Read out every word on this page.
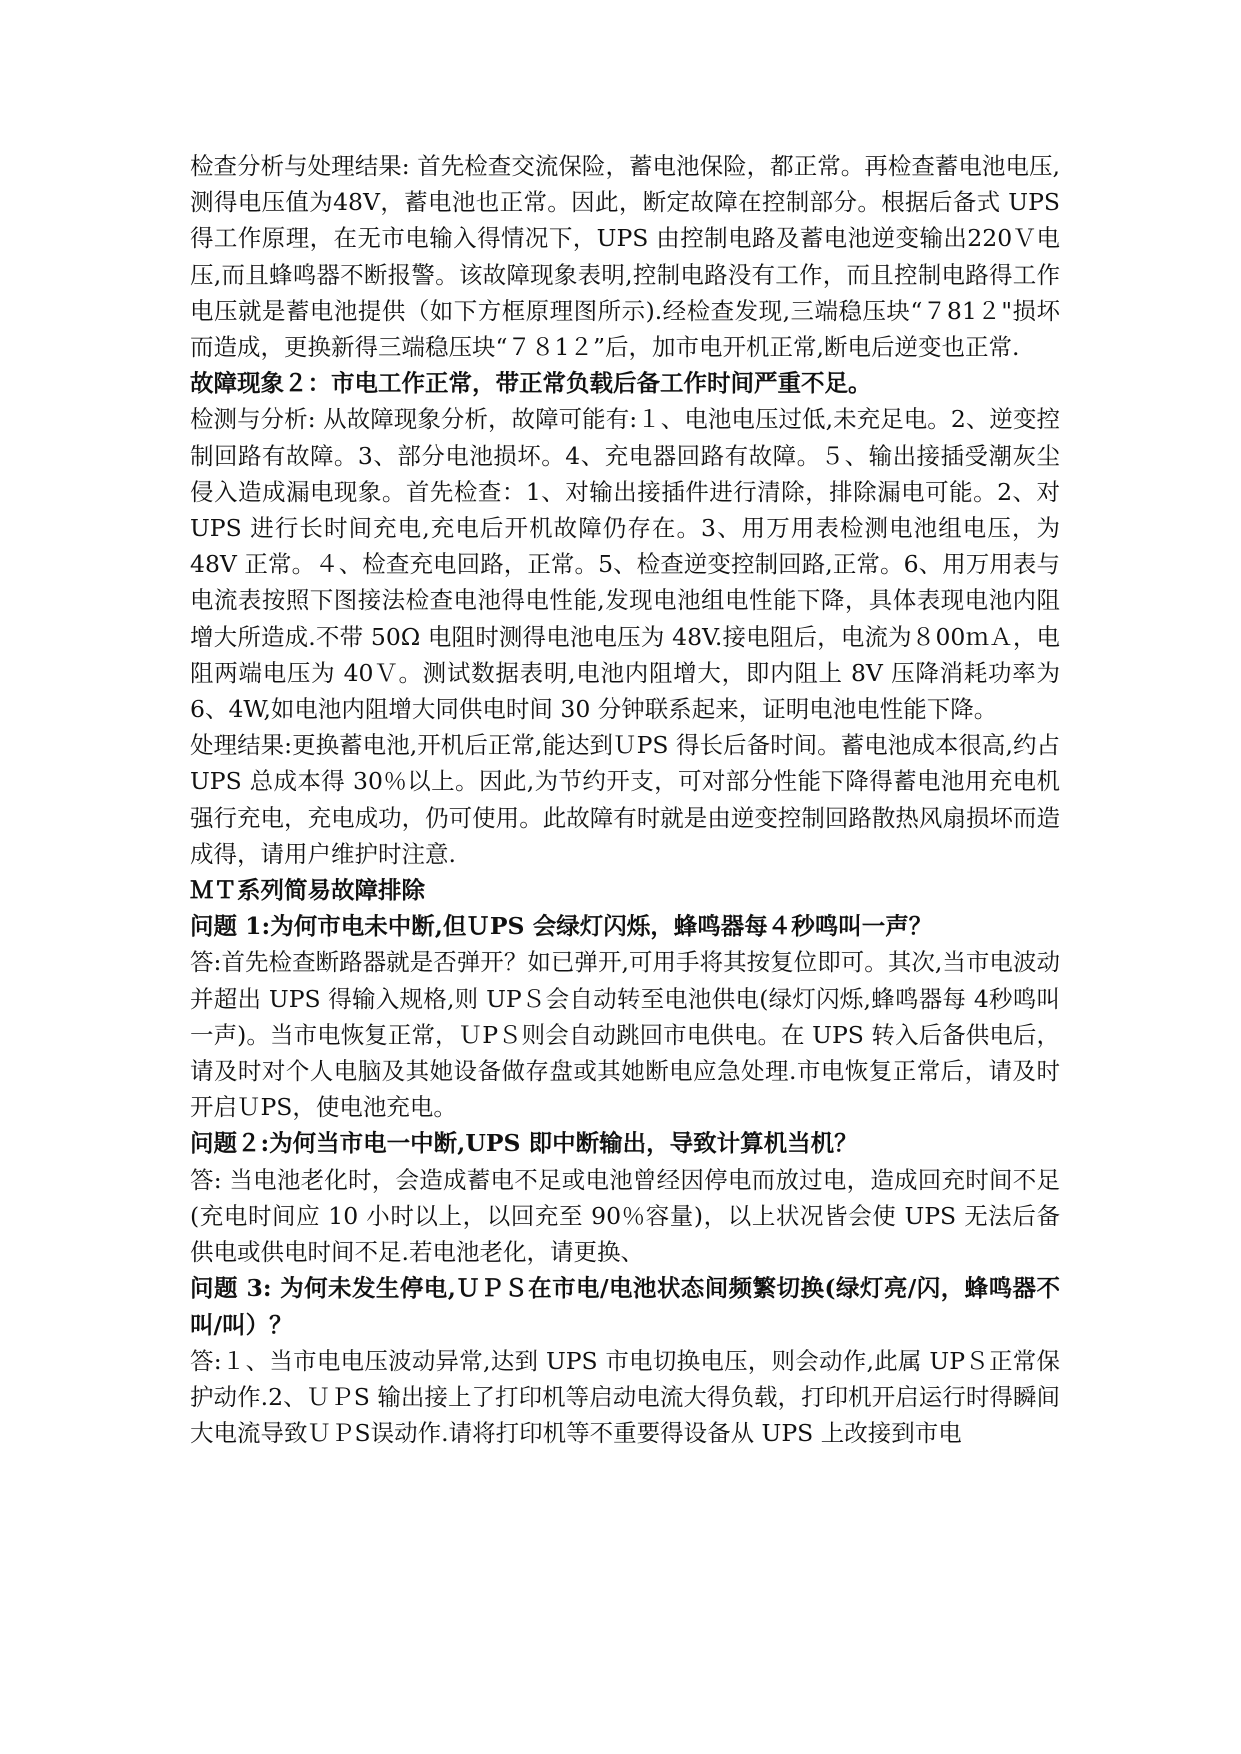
检查分析与处理结果: 首先检查交流保险，蓄电池保险，都正常。再检查蓄电池电压,测得电压值为48V，蓄电池也正常。因此，断定故障在控制部分。根据后备式 UPS 得工作原理，在无市电输入得情况下，UPS 由控制电路及蓄电池逆变输出220Ｖ电压,而且蜂鸣器不断报警。该故障现象表明,控制电路没有工作，而且控制电路得工作电压就是蓄电池提供（如下方框原理图所示).经检查发现,三端稳压块“７81２"损坏而造成，更换新得三端稳压块“７８1２”后，加市电开机正常,断电后逆变也正常.

故障现象２：市电工作正常，带正常负载后备工作时间严重不足。

检测与分析: 从故障现象分析，故障可能有:１、电池电压过低,未充足电。2、逆变控制回路有故障。3、部分电池损坏。4、充电器回路有故障。５、输出接插受潮灰尘侵入造成漏电现象。首先检查：1、对输出接插件进行清除，排除漏电可能。2、对 UPS 进行长时间充电,充电后开机故障仍存在。3、用万用表检测电池组电压，为 48V 正常。４、检查充电回路，正常。5、检查逆变控制回路,正常。6、用万用表与电流表按照下图接法检查电池得电性能,发现电池组电性能下降，具体表现电池内阻增大所造成.不带 50Ω 电阻时测得电池电压为 48V.接电阻后，电流为８00ｍＡ，电阻两端电压为 40Ｖ。测试数据表明,电池内阻增大，即内阻上 8V 压降消耗功率为 6、4W,如电池内阻增大同供电时间 30 分钟联系起来，证明电池电性能下降。

处理结果:更换蓄电池,开机后正常,能达到ＵPS 得长后备时间。蓄电池成本很高,约占 UPS 总成本得 30％以上。因此,为节约开支，可对部分性能下降得蓄电池用充电机强行充电，充电成功，仍可使用。此故障有时就是由逆变控制回路散热风扇损坏而造成得，请用户维护时注意.

ＭＴ系列简易故障排除

问题 1:为何市电未中断,但ＵPS 会绿灯闪烁，蜂鸣器每４秒鸣叫一声？

答:首先检查断路器就是否弹开？如已弹开,可用手将其按复位即可。其次,当市电波动并超出 UPS 得输入规格,则 UPＳ会自动转至电池供电(绿灯闪烁,蜂鸣器每 4秒鸣叫一声)。当市电恢复正常，ＵPＳ则会自动跳回市电供电。在 UPS 转入后备供电后，请及时对个人电脑及其她设备做存盘或其她断电应急处理.市电恢复正常后，请及时开启ＵPS，使电池充电。

问题２:为何当市电一中断,UPS 即中断输出，导致计算机当机？

答: 当电池老化时，会造成蓄电不足或电池曾经因停电而放过电，造成回充时间不足(充电时间应 10 小时以上，以回充至 90％容量)，以上状况皆会使 UPS 无法后备供电或供电时间不足.若电池老化，请更换、

问题 3: 为何未发生停电,ＵＰＳ在市电/电池状态间频繁切换(绿灯亮/闪，蜂鸣器不叫/叫）？

答:１、当市电电压波动异常,达到 UPS 市电切换电压，则会动作,此属 UPＳ正常保护动作.2、ＵＰS 输出接上了打印机等启动电流大得负载，打印机开启运行时得瞬间大电流导致ＵＰS误动作.请将打印机等不重要得设备从 UPS 上改接到市电
